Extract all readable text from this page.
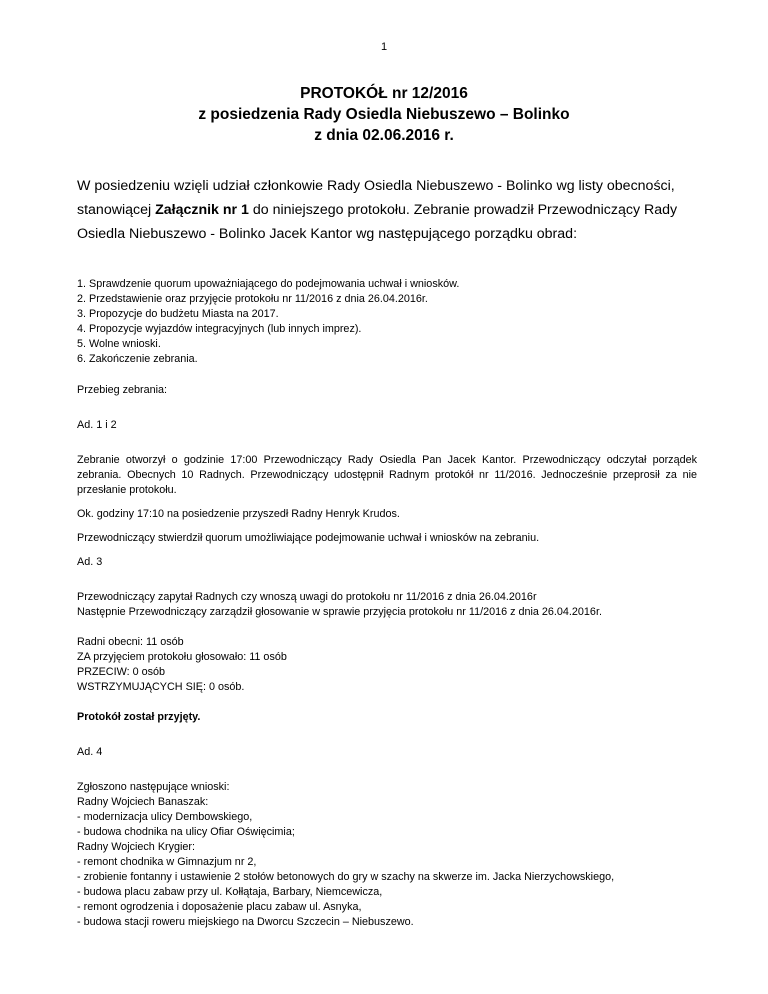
1
PROTOKÓŁ nr 12/2016
z posiedzenia Rady Osiedla Niebuszewo – Bolinko
z dnia 02.06.2016 r.
W posiedzeniu wzięli udział członkowie Rady Osiedla Niebuszewo - Bolinko wg listy obecności, stanowiącej Załącznik nr 1 do niniejszego protokołu. Zebranie prowadził Przewodniczący Rady Osiedla Niebuszewo - Bolinko Jacek Kantor wg następującego porządku obrad:

1. Sprawdzenie quorum upoważniającego do podejmowania uchwał i wniosków.

2. Przedstawienie oraz przyjęcie protokołu nr 11/2016 z dnia 26.04.2016r.

3. Propozycje do budżetu Miasta na 2017.

4. Propozycje wyjazdów integracyjnych (lub innych imprez).

5. Wolne wnioski.

6. Zakończenie zebrania.

Przebieg zebrania:

Ad. 1 i 2

Zebranie otworzył o godzinie 17:00 Przewodniczący Rady Osiedla Pan Jacek Kantor. Przewodniczący odczytał porządek zebrania. Obecnych 10 Radnych. Przewodniczący udostępnił Radnym protokół nr 11/2016. Jednocześnie przeprosił za nie przesłanie protokołu.

Ok. godziny 17:10 na posiedzenie przyszedł Radny Henryk Krudos.

Przewodniczący stwierdził quorum umożliwiające podejmowanie uchwał i wniosków na zebraniu.

Ad. 3

Przewodniczący zapytał Radnych czy wnoszą uwagi do protokołu nr 11/2016 z dnia 26.04.2016r

Następnie Przewodniczący zarządził głosowanie w sprawie przyjęcia protokołu nr 11/2016 z dnia 26.04.2016r.

Radni obecni: 11 osób

ZA przyjęciem protokołu głosowało: 11 osób

PRZECIW: 0 osób

WSTRZYMUJĄCYCH SIĘ: 0 osób.

Protokół został przyjęty.

Ad. 4

Zgłoszono następujące wnioski:

Radny Wojciech Banaszak:

- modernizacja ulicy Dembowskiego,

- budowa chodnika na ulicy Ofiar Oświęcimia;

Radny Wojciech Krygier:

- remont chodnika w Gimnazjum nr 2,

- zrobienie fontanny i ustawienie 2 stołów betonowych do gry w szachy na skwerze im. Jacka Nierzychowskiego,

- budowa placu zabaw przy ul. Kołłątaja, Barbary, Niemcewicza,

- remont ogrodzenia i doposażenie placu zabaw ul. Asnyka,

- budowa stacji roweru miejskiego na Dworcu Szczecin – Niebuszewo.
